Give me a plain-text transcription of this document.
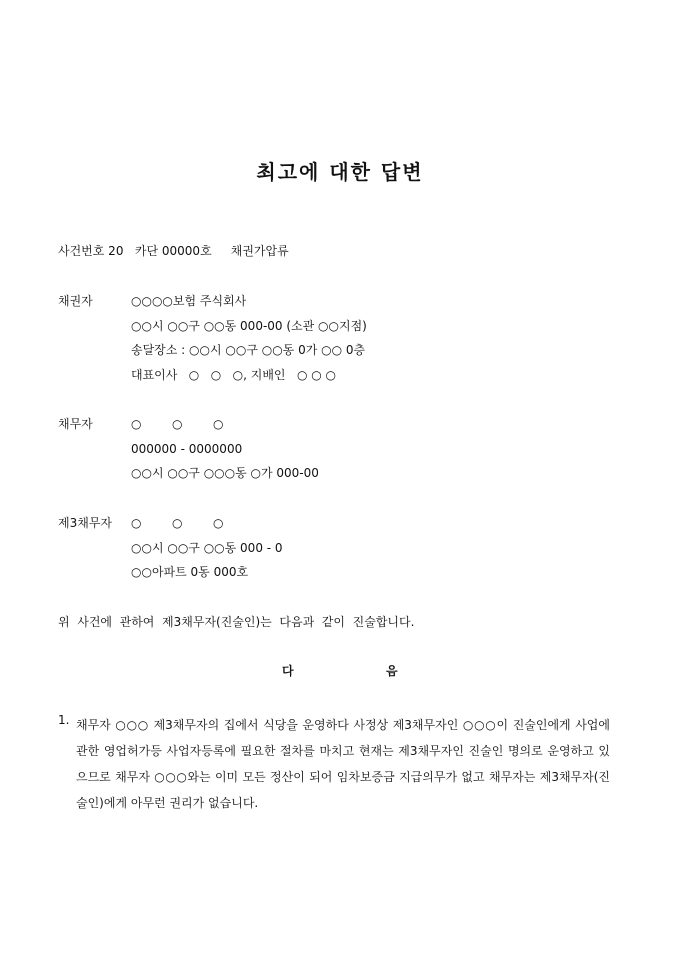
최고에 대한 답변
사건번호 20   카단 00000호     채권가압류
채권자	○○○○보험 주식회사
○○시 ○○구 ○○동 000-00 (소관 ○○지점)
송달장소 : ○○시 ○○구 ○○동 0가 ○○ 0층
대표이사   ○   ○   ○, 지배인   ○ ○ ○
채무자	○        ○        ○
000000 - 0000000
○○시 ○○구 ○○○동 ○가 000-00
제3채무자 ○        ○        ○
○○시 ○○구 ○○동 000 - 0
○○아파트 0동 000호
위  사건에  관하여  제3채무자(진술인)는  다음과  같이  진술합니다.
다	음
1. 채무자 ○○○ 제3채무자의 집에서 식당을 운영하다 사정상 제3채무자인 ○○○이 진술인에게 사업에 관한 영업허가등 사업자등록에 필요한 절차를 마치고 현재는 제3채무자인 진술인 명의로 운영하고 있으므로 채무자 ○○○와는 이미 모든 정산이 되어 임차보증금 지급의무가 없고 채무자는 제3채무자(진술인)에게 아무런 권리가 없습니다.
